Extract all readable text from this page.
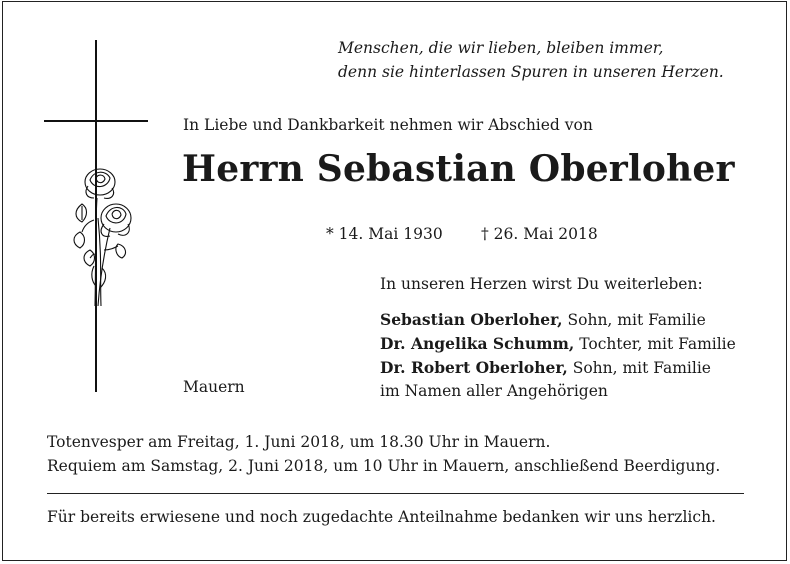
Menschen, die wir lieben, bleiben immer,
denn sie hinterlassen Spuren in unseren Herzen.
In Liebe und Dankbarkeit nehmen wir Abschied von
Herrn Sebastian Oberloher
* 14. Mai 1930 † 26. Mai 2018
In unseren Herzen wirst Du weiterleben:
Sebastian Oberloher, Sohn, mit Familie
Dr. Angelika Schumm, Tochter, mit Familie
Dr. Robert Oberloher, Sohn, mit Familie
im Namen aller Angehörigen
Mauern
Totenvesper am Freitag, 1. Juni 2018, um 18.30 Uhr in Mauern.
Requiem am Samstag, 2. Juni 2018, um 10 Uhr in Mauern, anschließend Beerdigung.
Für bereits erwiesene und noch zugedachte Anteilnahme bedanken wir uns herzlich.
